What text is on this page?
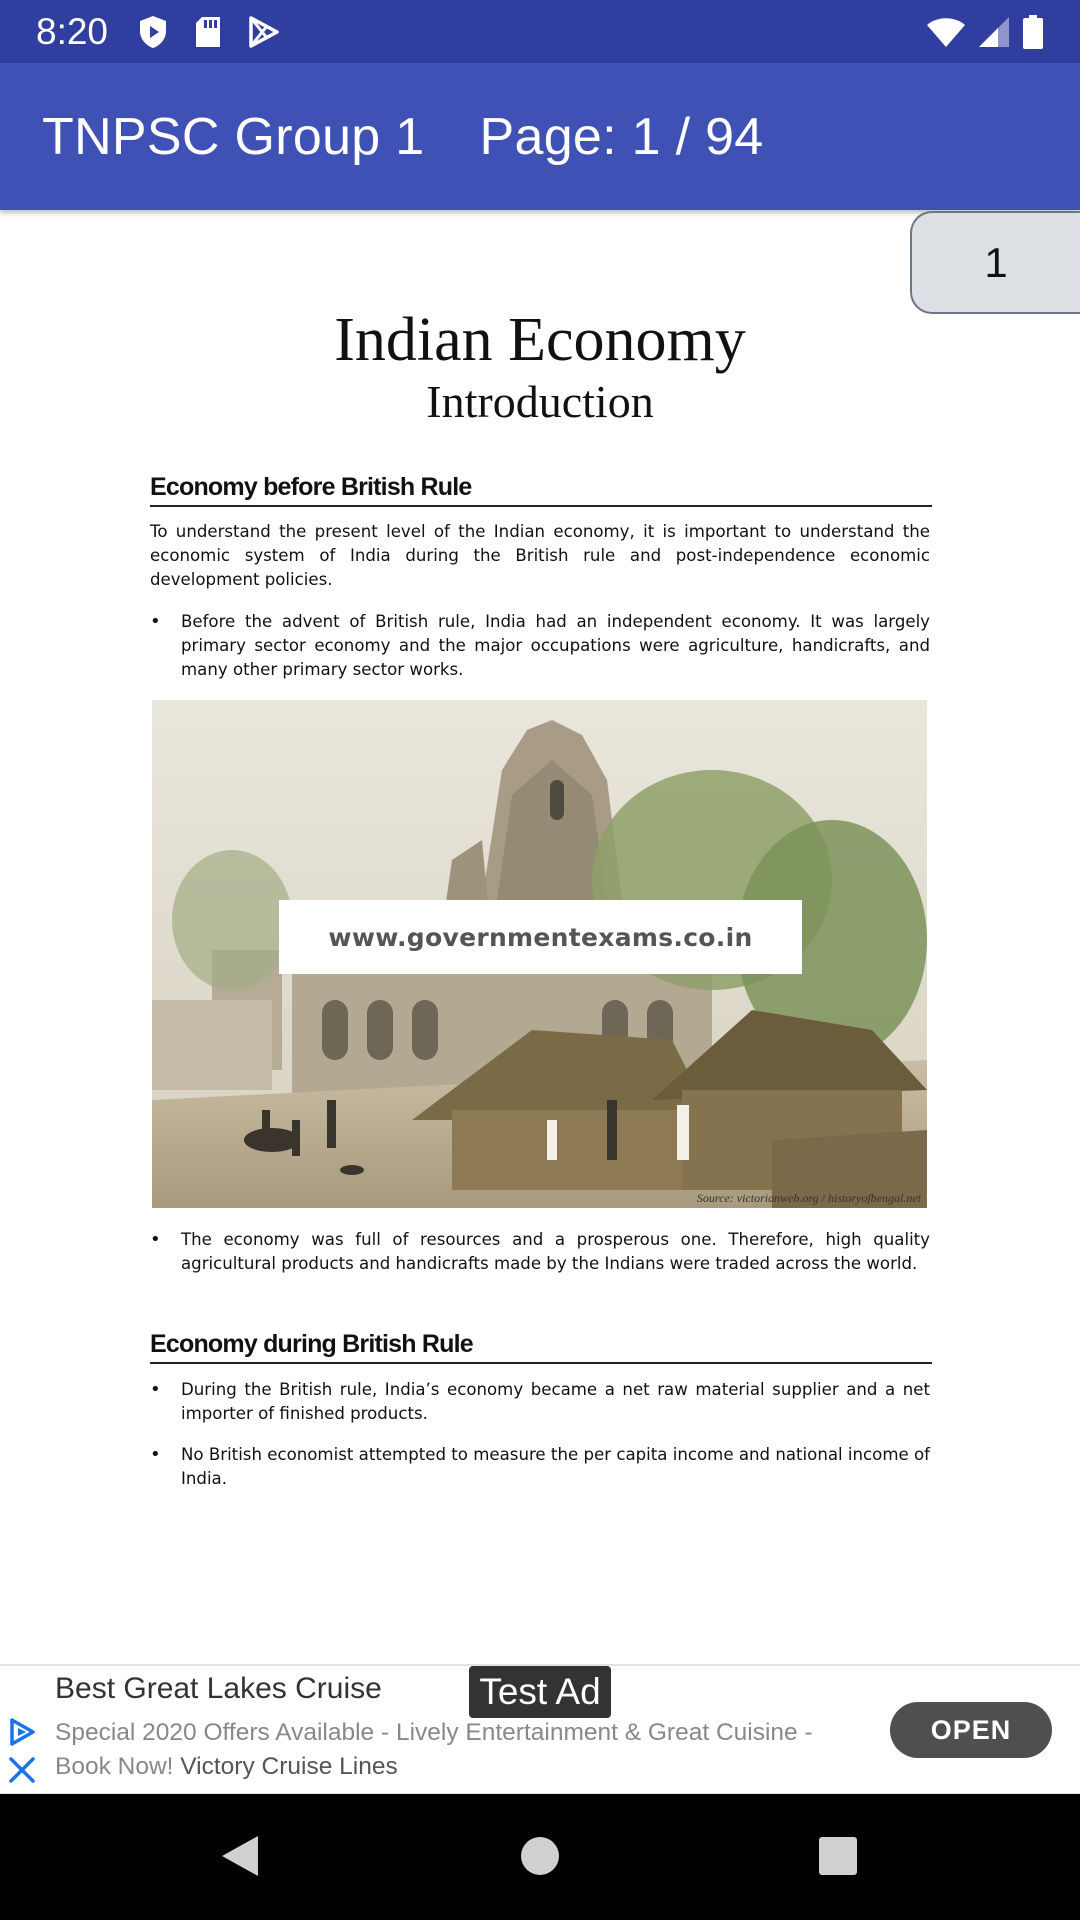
8:20
TNPSC Group 1 Page: 1 / 94
Indian Economy
Introduction
Economy before British Rule
To understand the present level of the Indian economy, it is important to understand the economic system of India during the British rule and post-independence economic development policies.
•	Before the advent of British rule, India had an independent economy. It was largely primary sector economy and the major occupations were agriculture, handicrafts, and many other primary sector works.
www.governmentexams.co.in
Source: victorianweb.org / historyofbengal.net
•	The economy was full of resources and a prosperous one. Therefore, high quality agricultural products and handicrafts made by the Indians were traded across the world.
Economy during British Rule
•	During the British rule, India’s economy became a net raw material supplier and a net importer of finished products.
•	No British economist attempted to measure the per capita income and national income of India.
1
Best Great Lakes Cruise	Test Ad
Special 2020 Offers Available - Lively Entertainment & Great Cuisine - Book Now! Victory Cruise Lines
OPEN
